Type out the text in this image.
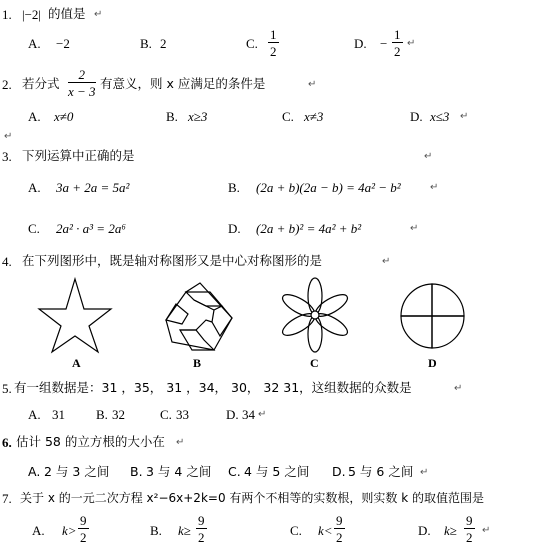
1. |−2| 的值是 ↵
A. −2	B. 2	C. $\frac{1}{2}$	D. − $\frac{1}{2}$ ↵
2. 若分式 $\frac{2}{x - 3}$ 有意义，则 x 应满足的条件是	↵
A. x≠0	B. x≥3	C. x≠3	D. x≤3 ↵
↵
3. 下列运算中正确的是	↵
A. 3a + 2a = 5a²	B. (2a + b)(2a − b) = 4a² − b²	↵
C. 2a² · a³ = 2a⁶	D. (2a + b)² = 4a² + b²	↵
4. 在下列图形中，既是轴对称图形又是中心对称图形的是	↵
A	B	C	D
5. 有一组数据是：31 ，35， 31 ，34， 30， 32 31，这组数据的众数是	↵
A. 31 B. 32	C. 33	D. 34 ↵
6. 估计 58 的立方根的大小在 ↵
A. 2 与 3 之间 B. 3 与 4 之间 C. 4 与 5 之间 D. 5 与 6 之间 ↵
7. 关于 x 的一元二次方程 x²−6x+2k=0 有两个不相等的实数根，则实数 k 的取值范围是
A. $k> \frac{9}{2}$	B. $k\ge \frac{9}{2}$	C. $k< \frac{9}{2}$	D. $k\ge \frac{9}{2}$ ↵
